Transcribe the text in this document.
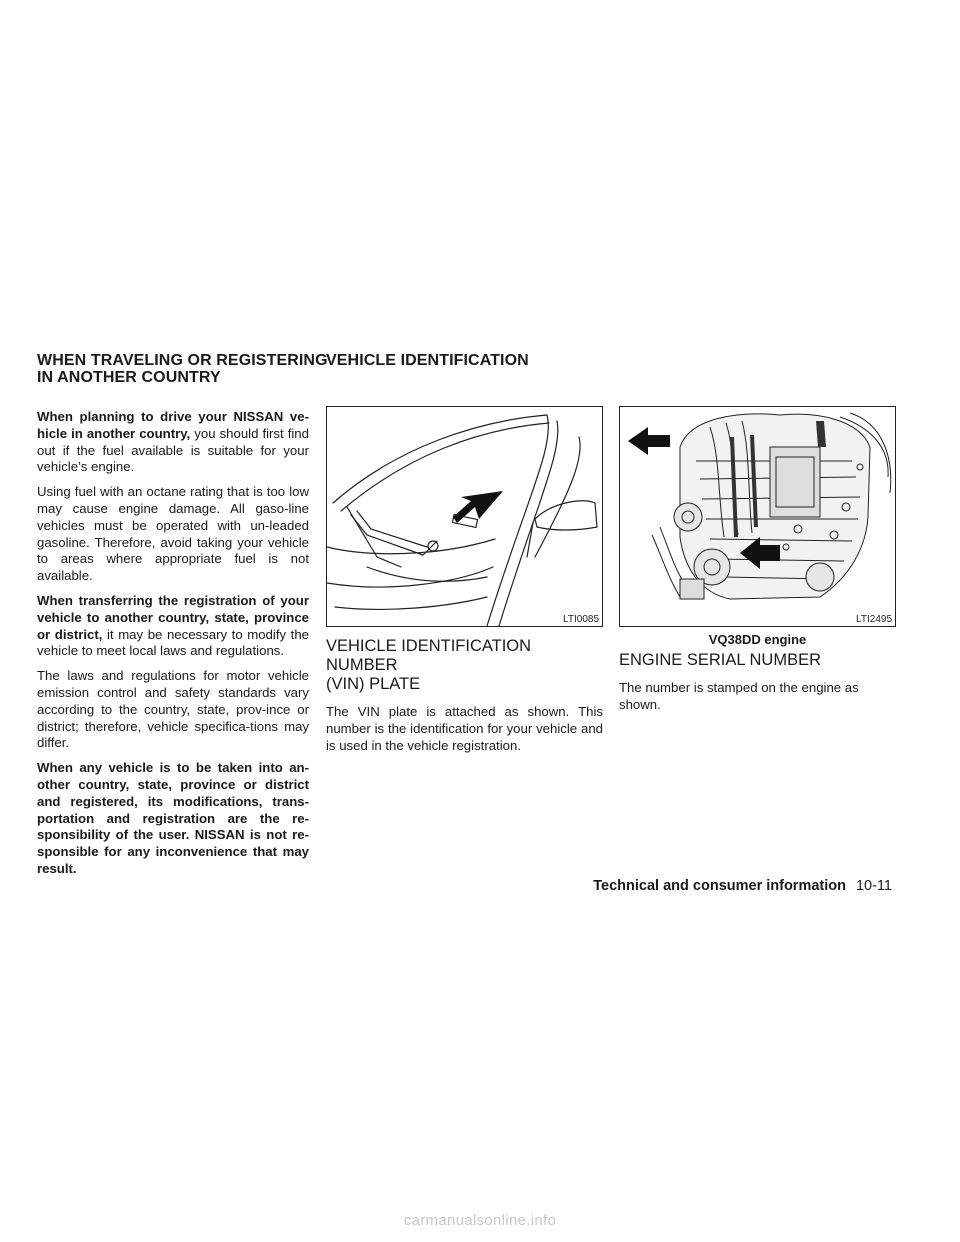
WHEN TRAVELING OR REGISTERING

IN ANOTHER COUNTRY

VEHICLE IDENTIFICATION

When planning to drive your NISSAN ve-hicle in another country, you should first find out if the fuel available is suitable for your vehicle’s engine.

Using fuel with an octane rating that is too low may cause engine damage. All gaso-line vehicles must be operated with un-leaded gasoline. Therefore, avoid taking your vehicle to areas where appropriate fuel is not available.

When transferring the registration of your vehicle to another country, state, province or district, it may be necessary to modify the vehicle to meet local laws and regulations.

The laws and regulations for motor vehicle emission control and safety standards vary according to the country, state, prov-ince or district; therefore, vehicle specifica-tions may differ.

When any vehicle is to be taken into an-other country, state, province or district and registered, its modifications, trans-portation and registration are the re-sponsibility of the user. NISSAN is not re-sponsible for any inconvenience that may result.

LTI0085	LTI2495
VQ38DD engine

VEHICLE IDENTIFICATION NUMBER

(VIN) PLATE

The VIN plate is attached as shown. This number is the identification for your vehicle and is used in the vehicle registration.

ENGINE SERIAL NUMBER

The number is stamped on the engine as shown.

Technical and consumer information 10-11
carmanualsonline.info
